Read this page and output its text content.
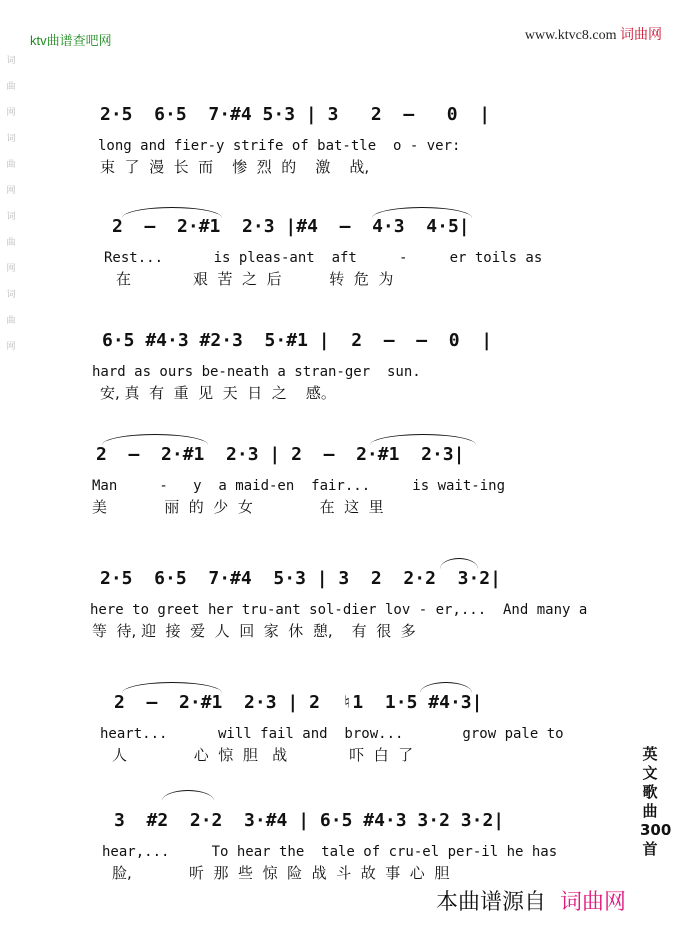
ktv曲谱查吧网	www.ktvc8.com 词曲网
词
曲
网
词
曲
网
词
曲
网
词
曲
网
2·5  6·5  7·#4 5·3 | 3   2  —   0  |
long and fier-y strife of bat-tle  o - ver:
束  了  漫  长  而    惨  烈  的    激    战,
2  —  2·#1  2·3 |#4  —  4·3  4·5|
Rest...      is pleas-ant  aft     -     er toils as
在             艰  苦  之  后          转  危  为
6·5 #4·3 #2·3  5·#1 |  2  —  —  0  |
hard as ours be-neath a stran-ger  sun.
安, 真  有  重  见  天  日  之    感。
2  —  2·#1  2·3 | 2  —  2·#1  2·3|
Man     -   y  a maid-en  fair...     is wait-ing
美            丽  的  少  女              在  这  里
2·5  6·5  7·#4  5·3 | 3  2  2·2  3·2|
here to greet her tru-ant sol-dier lov - er,...  And many a
等  待, 迎  接  爱  人  回  家  休  憩,    有  很  多
2  —  2·#1  2·3 | 2  ♮1  1·5 #4·3|
heart...      will fail and  brow...       grow pale to
人              心  惊  胆   战             吓  白  了
3  #2  2·2  3·#4 | 6·5 #4·3 3·2 3·2|
hear,...     To hear the  tale of cru-el per-il he has
脸,            听  那  些  惊  险  战  斗  故  事  心  胆
英
文
歌
曲
300
首
本曲谱源自 词曲网
